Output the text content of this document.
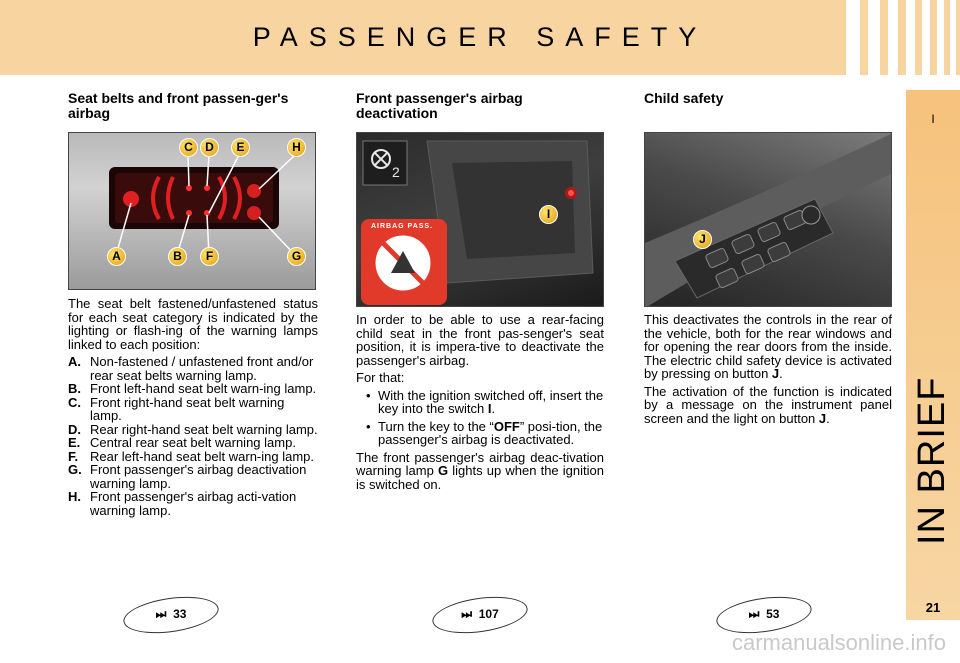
PASSENGER SAFETY
I
IN BRIEF
21
Seat belts and front passen-ger's airbag
C	D	E	H
A	B	F	G

The seat belt fastened/unfastened status for each seat category is indicated by the lighting or flash-ing of the warning lamps linked to each position:

A. Non-fastened / unfastened front and/or rear seat belts warning lamp.
B. Front left-hand seat belt warn-ing lamp.
C. Front right-hand seat belt warning lamp.
D. Rear right-hand seat belt warning lamp.
E. Central rear seat belt warning lamp.
F. Rear left-hand seat belt warn-ing lamp.
G. Front passenger's airbag deactivation warning lamp.
H. Front passenger's airbag acti-vation warning lamp.
⏭ 33
Front passenger's airbag deactivation
2
AIRBAG PASS.
I

In order to be able to use a rear-facing child seat in the front pas-senger's seat position, it is impera-tive to deactivate the passenger's airbag.

For that:

• With the ignition switched off, insert the key into the switch I.
• Turn the key to the “OFF” posi-tion, the passenger's airbag is deactivated.

The front passenger's airbag deac-tivation warning lamp G lights up when the ignition is switched on.

⏭ 107
Child safety
J

This deactivates the controls in the rear of the vehicle, both for the rear windows and for opening the rear doors from the inside. The electric child safety device is activated by pressing on button J.

The activation of the function is indicated by a message on the instrument panel screen and the light on button J.

⏭ 53
carmanualsonline.info
